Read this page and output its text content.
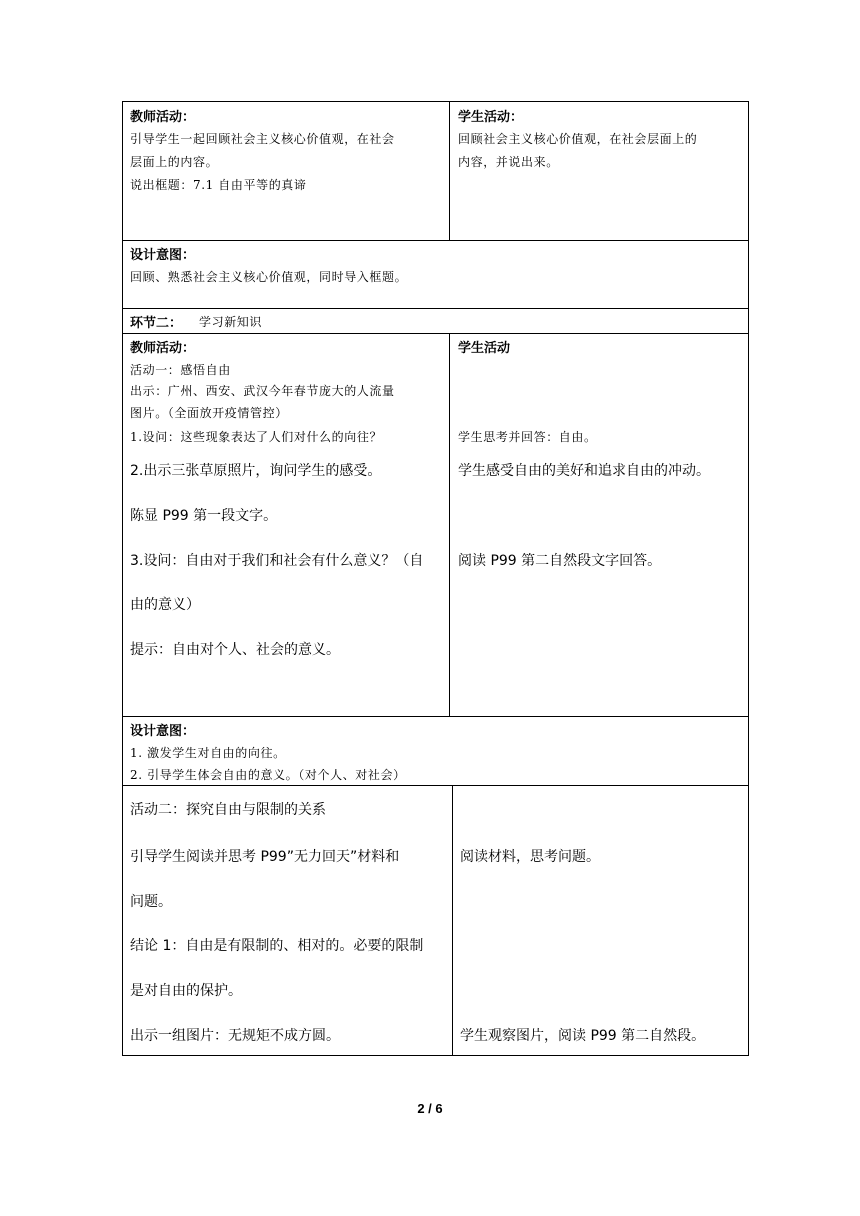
教师活动：
引导学生一起回顾社会主义核心价值观，在社会
层面上的内容。
说出框题：7.1 自由平等的真谛
学生活动：
回顾社会主义核心价值观，在社会层面上的
内容，并说出来。
设计意图：
回顾、熟悉社会主义核心价值观，同时导入框题。
环节二： 学习新知识
教师活动：
活动一：感悟自由
出示：广州、西安、武汉今年春节庞大的人流量
图片。（全面放开疫情管控）
1.设问：这些现象表达了人们对什么的向往？
2.出示三张草原照片，询问学生的感受。
陈显 P99 第一段文字。
3.设问：自由对于我们和社会有什么意义？（自
由的意义）
提示：自由对个人、社会的意义。
学生活动
学生思考并回答：自由。
学生感受自由的美好和追求自由的冲动。
阅读 P99 第二自然段文字回答。
设计意图：
1. 激发学生对自由的向往。
2. 引导学生体会自由的意义。（对个人、对社会）
活动二：探究自由与限制的关系
引导学生阅读并思考 P99”无力回天”材料和
问题。
结论 1：自由是有限制的、相对的。必要的限制
是对自由的保护。
出示一组图片：无规矩不成方圆。
阅读材料，思考问题。
学生观察图片，阅读 P99 第二自然段。
2 / 6
